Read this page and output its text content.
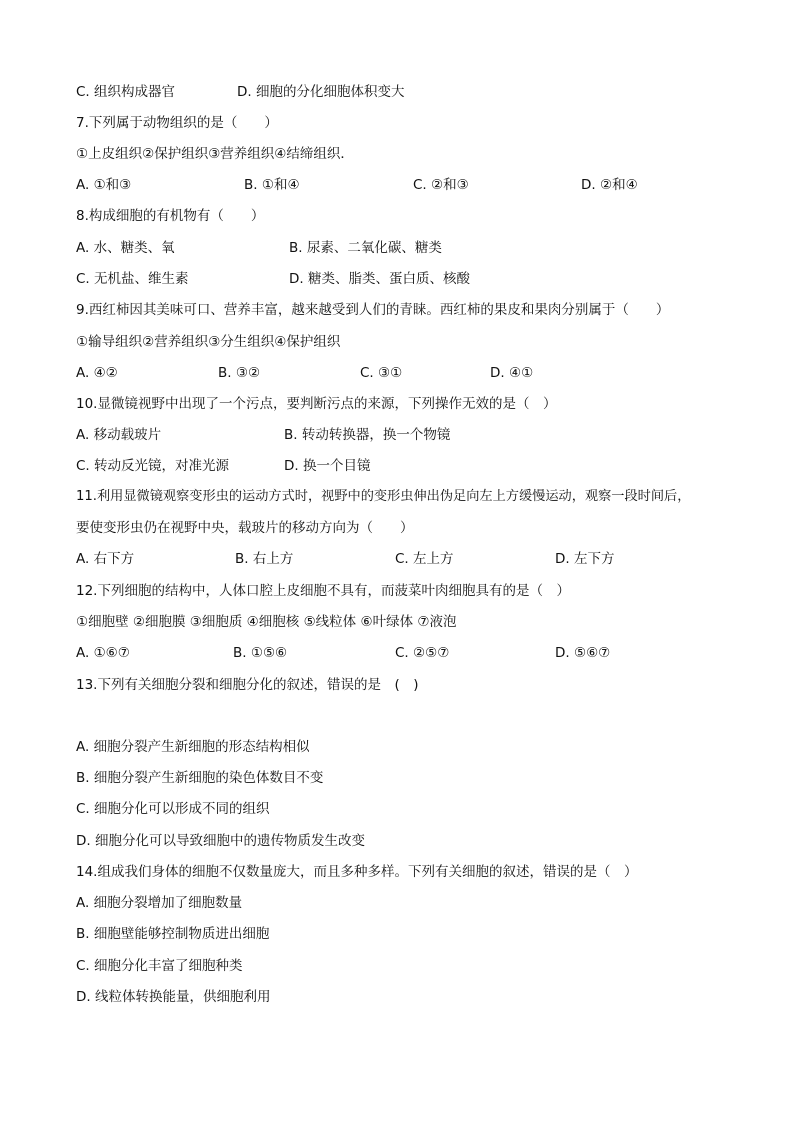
C. 组织构成器官	D. 细胞的分化细胞体积变大
7.下列属于动物组织的是（　　）
①上皮组织②保护组织③营养组织④结缔组织．
A. ①和③	B. ①和④	C. ②和③	D. ②和④
8.构成细胞的有机物有（　　）
A. 水、糖类、氧	B. 尿素、二氧化碳、糖类
C. 无机盐、维生素	D. 糖类、脂类、蛋白质、核酸
9.西红柿因其美味可口、营养丰富，越来越受到人们的青睐。西红柿的果皮和果肉分别属于（　　）
①输导组织②营养组织③分生组织④保护组织
A. ④②	B. ③②	C. ③①	D. ④①
10.显微镜视野中出现了一个污点，要判断污点的来源，下列操作无效的是（　）
A. 移动载玻片	B. 转动转换器，换一个物镜
C. 转动反光镜，对准光源	D. 换一个目镜
11.利用显微镜观察变形虫的运动方式时，视野中的变形虫伸出伪足向左上方缓慢运动，观察一段时间后，
要使变形虫仍在视野中央，载玻片的移动方向为（　　）
A. 右下方	B. 右上方	C. 左上方	D. 左下方
12.下列细胞的结构中，人体口腔上皮细胞不具有，而菠菜叶肉细胞具有的是（　）
①细胞壁 ②细胞膜 ③细胞质 ④细胞核 ⑤线粒体 ⑥叶绿体 ⑦液泡
A. ①⑥⑦	B. ①⑤⑥	C. ②⑤⑦	D. ⑤⑥⑦
13.下列有关细胞分裂和细胞分化的叙述，错误的是　(　)
A. 细胞分裂产生新细胞的形态结构相似
B. 细胞分裂产生新细胞的染色体数目不变
C. 细胞分化可以形成不同的组织
D. 细胞分化可以导致细胞中的遗传物质发生改变
14.组成我们身体的细胞不仅数量庞大，而且多种多样。下列有关细胞的叙述，错误的是（　）
A. 细胞分裂增加了细胞数量
B. 细胞壁能够控制物质进出细胞
C. 细胞分化丰富了细胞种类
D. 线粒体转换能量，供细胞利用
